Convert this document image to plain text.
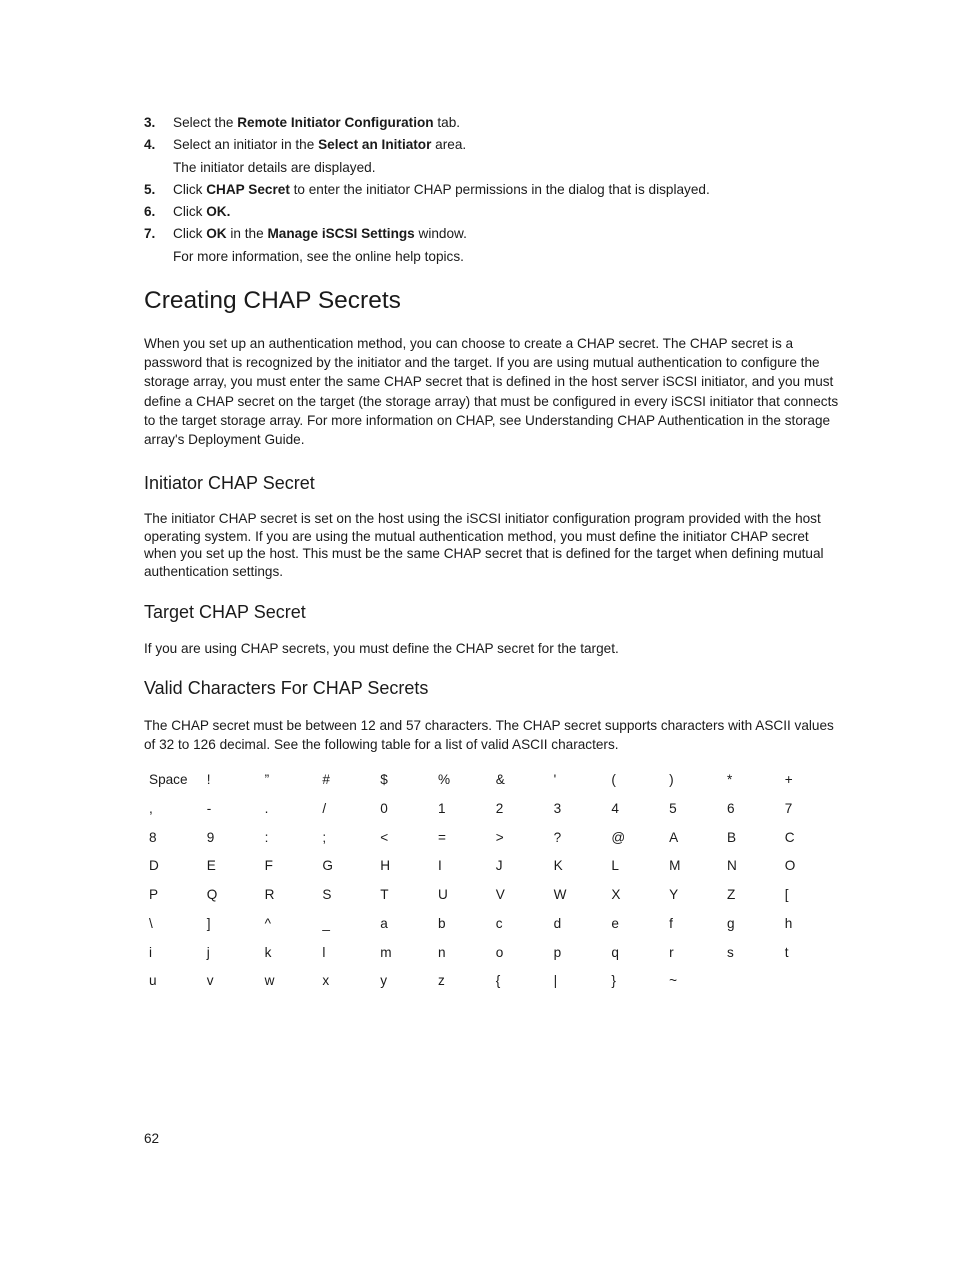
3. Select the Remote Initiator Configuration tab.
4. Select an initiator in the Select an Initiator area.
The initiator details are displayed.
5. Click CHAP Secret to enter the initiator CHAP permissions in the dialog that is displayed.
6. Click OK.
7. Click OK in the Manage iSCSI Settings window.
For more information, see the online help topics.
Creating CHAP Secrets

When you set up an authentication method, you can choose to create a CHAP secret. The CHAP secret is a password that is recognized by the initiator and the target. If you are using mutual authentication to configure the storage array, you must enter the same CHAP secret that is defined in the host server iSCSI initiator, and you must define a CHAP secret on the target (the storage array) that must be configured in every iSCSI initiator that connects to the target storage array. For more information on CHAP, see Understanding CHAP Authentication in the storage array's Deployment Guide.

Initiator CHAP Secret

The initiator CHAP secret is set on the host using the iSCSI initiator configuration program provided with the host operating system. If you are using the mutual authentication method, you must define the initiator CHAP secret when you set up the host. This must be the same CHAP secret that is defined for the target when defining mutual authentication settings.

Target CHAP Secret

If you are using CHAP secrets, you must define the CHAP secret for the target.

Valid Characters For CHAP Secrets

The CHAP secret must be between 12 and 57 characters. The CHAP secret supports characters with ASCII values of 32 to 126 decimal. See the following table for a list of valid ASCII characters.

Space	!	”	#	$	%	&	'	(	)	*	+
,	-	.	/	0	1	2	3	4	5	6	7
8	9	:	;	<	=	>	?	@	A	B	C
D	E	F	G	H	I	J	K	L	M	N	O
P	Q	R	S	T	U	V	W	X	Y	Z	[
\	]	^	_	a	b	c	d	e	f	g	h
i	j	k	l	m	n	o	p	q	r	s	t
u	v	w	x	y	z	{	|	}	~
62
